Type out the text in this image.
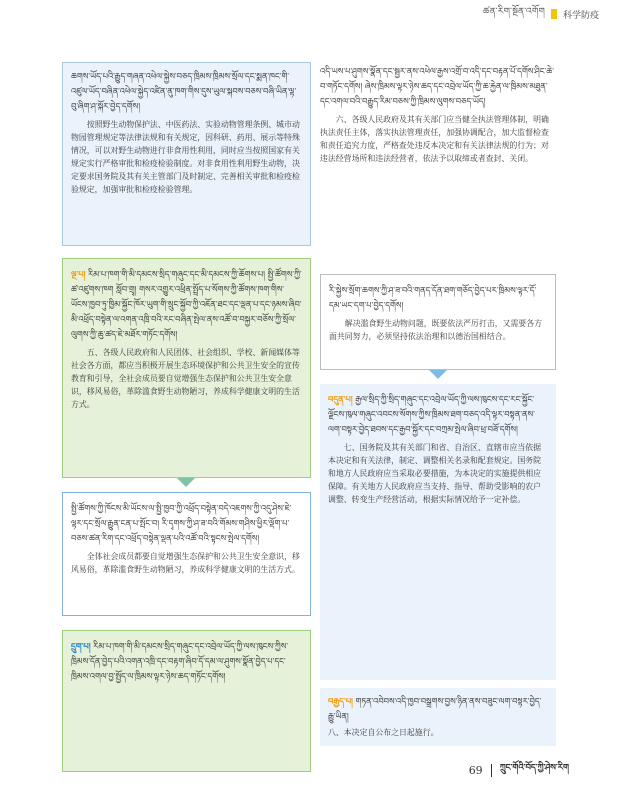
ཚན་རིག་སྔོན་འགོག 科学防疫
ཆགས་ཡོད་པའི་རྒྱུད་གཞན་འཕེལ་སྐྱེས་བཅད་ཁྲིམས་ཁྲིམས་སྲོལ་དང་སྨན་ཁང་གི་འཛུལ་ཡོད་བཞིན་འཕེལ་སྐྱེད་འཛིན་ནུ་ཁག་གིས་དུས་ཡུལ་སྐབས་བཅས་བཞི་ཡིན་ལྟ་བུ་ཞིག་ཤ་སྐོར་བྱེད་དགོས།

按照野生动物保护法、中医药法、实验动物管理条例、城市动物园管理规定等法律法规和有关规定，因科研、药用、展示等特殊情况，可以对野生动物进行非食用性利用，同时应当按照国家有关规定实行严格审批和检疫检验制度。对非食用性利用野生动物，决定要求国务院及其有关主管部门及时制定、完善相关审批和检疫检验规定，加强审批和检疫检验管理。

ལྔ་པ། རིམ་པ་ཁག་གི་མི་དམངས་སྲིད་གཞུང་དང་མི་དམངས་ཀྱི་ཆོགས་པ། སྤྱི་ཚོགས་ཀྱི་ཚ་འཛུགས་ཁག སློབ་གྲྭ། གསར་འགྱུར་འཕྲིན་སྤྲོད་པ་སོགས་ཀྱི་ཚོགས་ཁག་གིས་ཡོངས་ཁྱབ་ཏུ་ཁྱིམ་སྐྱོང་ཁོར་ཡུག་གི་སྲུང་སྐྱོབ་ཀྱི་འཇོན་ཐང་དང་ལྡན་པ་དང་ཉམས་ཞིབ་མི་འཕྲོད་བསྟེན་ལ་འགན་འཁྲི་བའི་རང་བཞིན་སྤེལ་ནས་འཚོ་བ་བསྐྱར་བཅོས་ཀྱི་སྲོལ་ལུགས་ཀྱི་ཆུ་ཚད་ཇེ་མཐོར་གཏོང་དགོས།

五、各级人民政府和人民团体、社会组织、学校、新闻媒体等社会各方面，都应当积极开展生态环境保护和公共卫生安全的宣传教育和引导，全社会成员要自觉增强生态保护和公共卫生安全意识，移风易俗，革除滥食野生动物陋习，养成科学健康文明的生活方式。

སྤྱི་ཚོགས་ཀྱི་ཁོངས་མི་ཡོངས་ལ་སྤྱི་ཁྱབ་ཀྱི་འཕྲོད་བསྟེན་བདེ་འཇགས་ཀྱི་འདུ་ཤེས་ཇེ་ལྟར་དང་སྲོལ་རྒྱུན་ངན་པ་སྤོང་བ། རི་དྭགས་ཀྱི་ཤ་ཟ་བའི་གོམས་གཤིས་ཕྱིར་ལྡོག་པ་བཅས་ཚན་རིག་དང་འཕྲོད་བསྟེན་ལྡན་པའི་འཚོ་བའི་སྟངས་སྤེལ་དགོས།

全体社会成员都要自觉增强生态保护和公共卫生安全意识，移风易俗，革除滥食野生动物陋习，养成科学健康文明的生活方式。

དྲུག་པ། རིམ་པ་ཁག་གི་མི་དམངས་སྲིད་གཞུང་དང་འབྲེལ་ཡོད་ཀྱི་ལས་ཁུངས་ཀྱིས་ཁྲིམས་དོན་བྱེད་པའི་འགན་འཁྲི་དང་བརྟག་ཞིབ་དོ་དམ་ལ་ཤུགས་སྣོན་བྱེད་པ་དང་ཁྲིམས་འགལ་བྱ་སྤྱོད་ལ་ཁྲིམས་ལྟར་ཉེས་ཆད་གཏོང་དགོས།
འདི་ཡས་པ་ཤུགས་སྣོན་དང་སྦྱར་ནས་འཕེལ་རྒྱས་འགྲོ་བ་འདི་དང་བརྟན་པོ་དགོས་ཤིང་ཆེ་བ་གཏོང་དགོས། ཞེས་ཁྲིམས་ལྟར་ཉེས་ཆད་དང་འབྲེལ་ཡོད་ཀྱི་ཆ་རྐྱེན་ལ་ཁྲིམས་མཐུན་དང་འགལ་བའི་བརྒྱུད་རིམ་བཅས་ཀྱི་ཁྲིམས་ལུགས་བཅད་ཡོད།

六、各级人民政府及其有关部门应当健全执法管理体制，明确执法责任主体，落实执法管理责任，加强协调配合，加大监督检查和责任追究力度，严格查处违反本决定和有关法律法规的行为；对违法经营场所和违法经营者，依法予以取缔或者查封、关闭。

རི་སྐྱེས་སྲོག་ཆགས་ཀྱི་ཤ་ཟ་བའི་གནད་དོན་ཐག་གཅོད་བྱེད་པར་ཁྲིམས་ལྟར་དོ་དམ་ཡང་དག་པ་བྱེད་དགོས།

解决滥食野生动物问题，既要依法严厉打击，又需要各方面共同努力，必须坚持依法治理和以德治国相结合。

བདུན་པ། རྒྱལ་སྲིད་ཀྱི་སྲིད་གཞུང་དང་འབྲེལ་ཡོད་ཀྱི་ལས་ཁུངས་དང་རང་སྐྱོང་ལྗོངས་ཁུལ་གཞུང་འབངས་སོགས་ཀྱིས་ཁྲིམས་ཐག་བཅད་འདི་ལྟར་བསྟན་ནས་ལག་བསྟར་བྱེད་ཐབས་དང་རྒྱབ་སྐྱོར་དང་བཀྲམ་སྤེལ་ཞིབ་ཕྲ་བཟོ་དགོས།

七、国务院及其有关部门和省、自治区、直辖市应当依据本决定和有关法律，制定、调整相关名录和配套规定。国务院和地方人民政府应当采取必要措施，为本决定的实施提供相应保障。有关地方人民政府应当支持、指导、帮助受影响的农户调整、转变生产经营活动，根据实际情况给予一定补偿。

བརྒྱད་པ། གཏན་འབེབས་འདི་ཁྱབ་བསྒྲགས་བྱས་ཉིན་ནས་བཟུང་ལག་བསྟར་བྱེད་རྒྱུ་ཡིན།

八、本决定自公布之日起施行。

69 ཀྲུང་གོའི་བོད་ཀྱི་ཤེས་རིག
